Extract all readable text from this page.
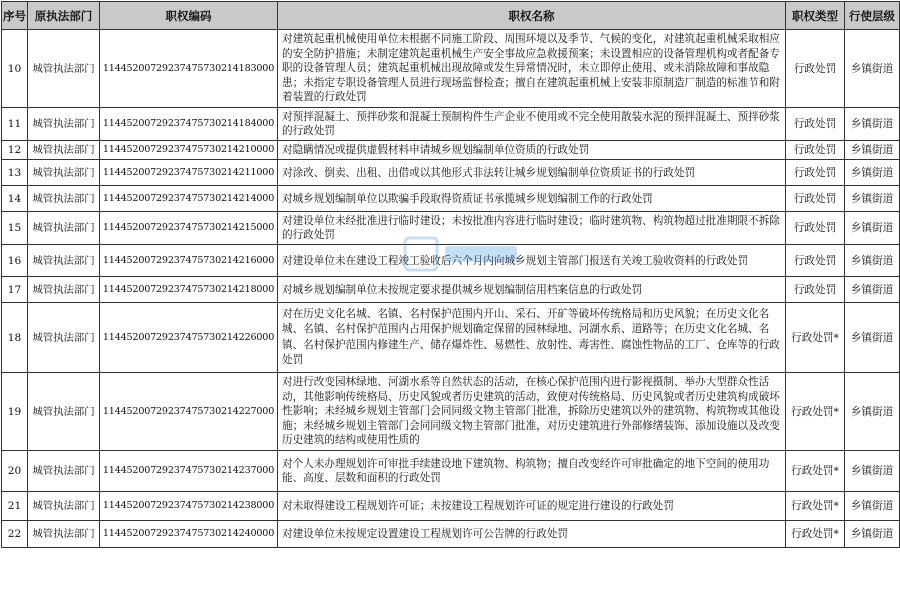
序号	原执法部门	职权编码	职权名称	职权类型	行使层级
10	城管执法部门	11445200729237475730214183000	对建筑起重机械使用单位未根据不同施工阶段、周围环境以及季节、气候的变化，对建筑起重机械采取相应的安全防护措施；未制定建筑起重机械生产安全事故应急救援预案；未设置相应的设备管理机构或者配备专职的设备管理人员；建筑起重机械出现故障或发生异常情况时，未立即停止使用、或未消除故障和事故隐患；未指定专职设备管理人员进行现场监督检查；擅自在建筑起重机械上安装非原制造厂制造的标准节和附着装置的行政处罚	行政处罚	乡镇街道
11	城管执法部门	11445200729237475730214184000	对预拌混凝土、预拌砂浆和混凝土预制构件生产企业不使用或不完全使用散装水泥的预拌混凝土、预拌砂浆的行政处罚	行政处罚	乡镇街道
12	城管执法部门	11445200729237475730214210000	对隐瞒情况或提供虚假材料申请城乡规划编制单位资质的行政处罚	行政处罚	乡镇街道
13	城管执法部门	11445200729237475730214211000	对涂改、倒卖、出租、出借或以其他形式非法转让城乡规划编制单位资质证书的行政处罚	行政处罚	乡镇街道
14	城管执法部门	11445200729237475730214214000	对城乡规划编制单位以欺骗手段取得资质证书承揽城乡规划编制工作的行政处罚	行政处罚	乡镇街道
15	城管执法部门	11445200729237475730214215000	对建设单位未经批准进行临时建设；未按批准内容进行临时建设；临时建筑物、构筑物超过批准期限不拆除的行政处罚	行政处罚	乡镇街道
16	城管执法部门	11445200729237475730214216000	对建设单位未在建设工程竣工验收后六个月内向城乡规划主管部门报送有关竣工验收资料的行政处罚	行政处罚	乡镇街道
17	城管执法部门	11445200729237475730214218000	对城乡规划编制单位未按规定要求提供城乡规划编制信用档案信息的行政处罚	行政处罚	乡镇街道
18	城管执法部门	11445200729237475730214226000	对在历史文化名城、名镇、名村保护范围内开山、采石、开矿等破坏传统格局和历史风貌；在历史文化名城、名镇、名村保护范围内占用保护规划确定保留的园林绿地、河湖水系、道路等；在历史文化名城、名镇、名村保护范围内修建生产、储存爆炸性、易燃性、放射性、毒害性、腐蚀性物品的工厂、仓库等的行政处罚	行政处罚*	乡镇街道
19	城管执法部门	11445200729237475730214227000	对进行改变园林绿地、河湖水系等自然状态的活动，在核心保护范围内进行影视摄制、举办大型群众性活动，其他影响传统格局、历史风貌或者历史建筑的活动，致使对传统格局、历史风貌或者历史建筑构成破坏性影响；未经城乡规划主管部门会同同级文物主管部门批准，拆除历史建筑以外的建筑物、构筑物或其他设施；未经城乡规划主管部门会同同级文物主管部门批准，对历史建筑进行外部修缮装饰、添加设施以及改变历史建筑的结构或使用性质的	行政处罚*	乡镇街道
20	城管执法部门	11445200729237475730214237000	对个人未办理规划许可审批手续建设地下建筑物、构筑物；擅自改变经许可审批确定的地下空间的使用功能、高度、层数和面积的行政处罚	行政处罚*	乡镇街道
21	城管执法部门	11445200729237475730214238000	对未取得建设工程规划许可证；未按建设工程规划许可证的规定进行建设的行政处罚	行政处罚*	乡镇街道
22	城管执法部门	11445200729237475730214240000	对建设单位未按规定设置建设工程规划许可公告牌的行政处罚	行政处罚*	乡镇街道
